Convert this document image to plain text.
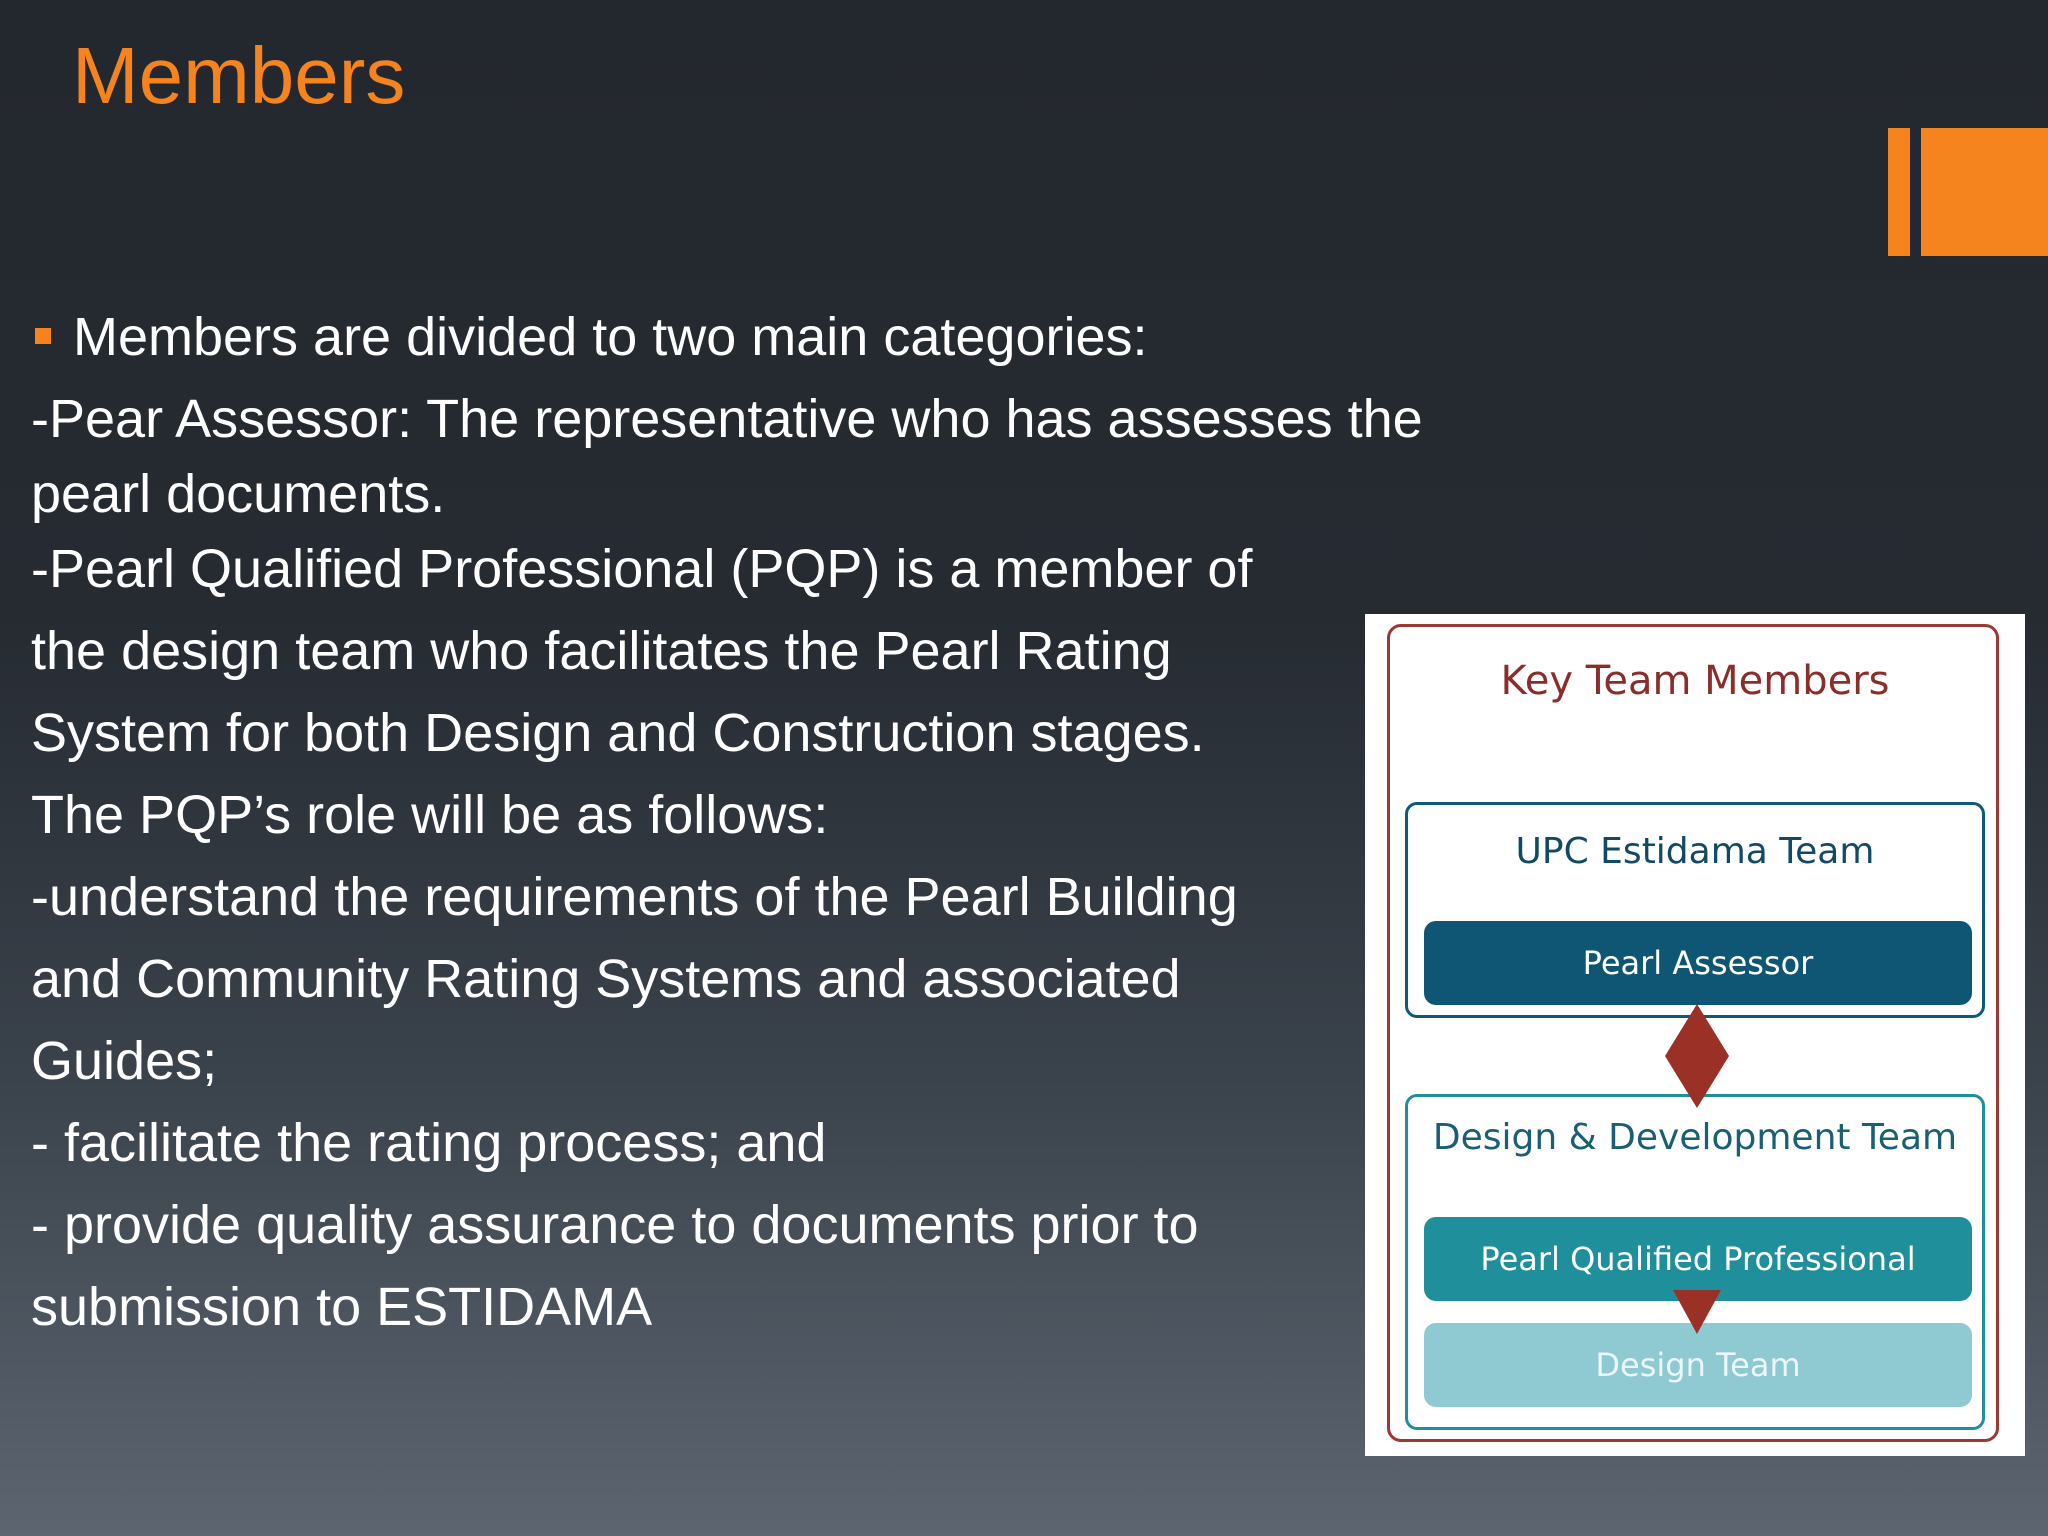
Members
Members are divided to two main categories:
-Pear Assessor: The representative who has assesses the
pearl documents.
-Pearl Qualified Professional (PQP) is a member of
the design team who facilitates the Pearl Rating
System for both Design and Construction stages.
The PQP’s role will be as follows:
-understand the requirements of the Pearl Building
and Community Rating Systems and associated
Guides;
- facilitate the rating process; and
- provide quality assurance to documents prior to
submission to ESTIDAMA
Key Team Members
UPC Estidama Team
Pearl Assessor
Design & Development Team
Pearl Qualified Professional
Design Team
